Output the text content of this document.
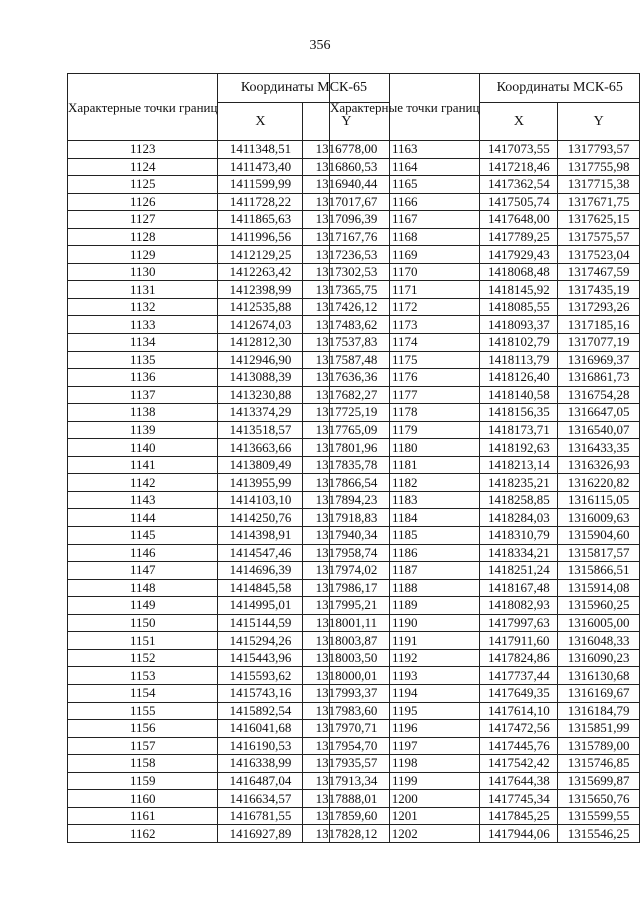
356
Характерные точки границ	Координаты МСК-65	
	X	Y
1123	1411348,51	1316778,00
1124	1411473,40	1316860,53
1125	1411599,99	1316940,44
1126	1411728,22	1317017,67
1127	1411865,63	1317096,39
1128	1411996,56	1317167,76
1129	1412129,25	1317236,53
1130	1412263,42	1317302,53
1131	1412398,99	1317365,75
1132	1412535,88	1317426,12
1133	1412674,03	1317483,62
1134	1412812,30	1317537,83
1135	1412946,90	1317587,48
1136	1413088,39	1317636,36
1137	1413230,88	1317682,27
1138	1413374,29	1317725,19
1139	1413518,57	1317765,09
1140	1413663,66	1317801,96
1141	1413809,49	1317835,78
1142	1413955,99	1317866,54
1143	1414103,10	1317894,23
1144	1414250,76	1317918,83
1145	1414398,91	1317940,34
1146	1414547,46	1317958,74
1147	1414696,39	1317974,02
1148	1414845,58	1317986,17
1149	1414995,01	1317995,21
1150	1415144,59	1318001,11
1151	1415294,26	1318003,87
1152	1415443,96	1318003,50
1153	1415593,62	1318000,01
1154	1415743,16	1317993,37
1155	1415892,54	1317983,60
1156	1416041,68	1317970,71
1157	1416190,53	1317954,70
1158	1416338,99	1317935,57
1159	1416487,04	1317913,34
1160	1416634,57	1317888,01
1161	1416781,55	1317859,60
1162	1416927,89	1317828,12
Характерные точки границ	Координаты МСК-65	
	X	Y
1163	1417073,55	1317793,57
1164	1417218,46	1317755,98
1165	1417362,54	1317715,38
1166	1417505,74	1317671,75
1167	1417648,00	1317625,15
1168	1417789,25	1317575,57
1169	1417929,43	1317523,04
1170	1418068,48	1317467,59
1171	1418145,92	1317435,19
1172	1418085,55	1317293,26
1173	1418093,37	1317185,16
1174	1418102,79	1317077,19
1175	1418113,79	1316969,37
1176	1418126,40	1316861,73
1177	1418140,58	1316754,28
1178	1418156,35	1316647,05
1179	1418173,71	1316540,07
1180	1418192,63	1316433,35
1181	1418213,14	1316326,93
1182	1418235,21	1316220,82
1183	1418258,85	1316115,05
1184	1418284,03	1316009,63
1185	1418310,79	1315904,60
1186	1418334,21	1315817,57
1187	1418251,24	1315866,51
1188	1418167,48	1315914,08
1189	1418082,93	1315960,25
1190	1417997,63	1316005,00
1191	1417911,60	1316048,33
1192	1417824,86	1316090,23
1193	1417737,44	1316130,68
1194	1417649,35	1316169,67
1195	1417614,10	1316184,79
1196	1417472,56	1315851,99
1197	1417445,76	1315789,00
1198	1417542,42	1315746,85
1199	1417644,38	1315699,87
1200	1417745,34	1315650,76
1201	1417845,25	1315599,55
1202	1417944,06	1315546,25
